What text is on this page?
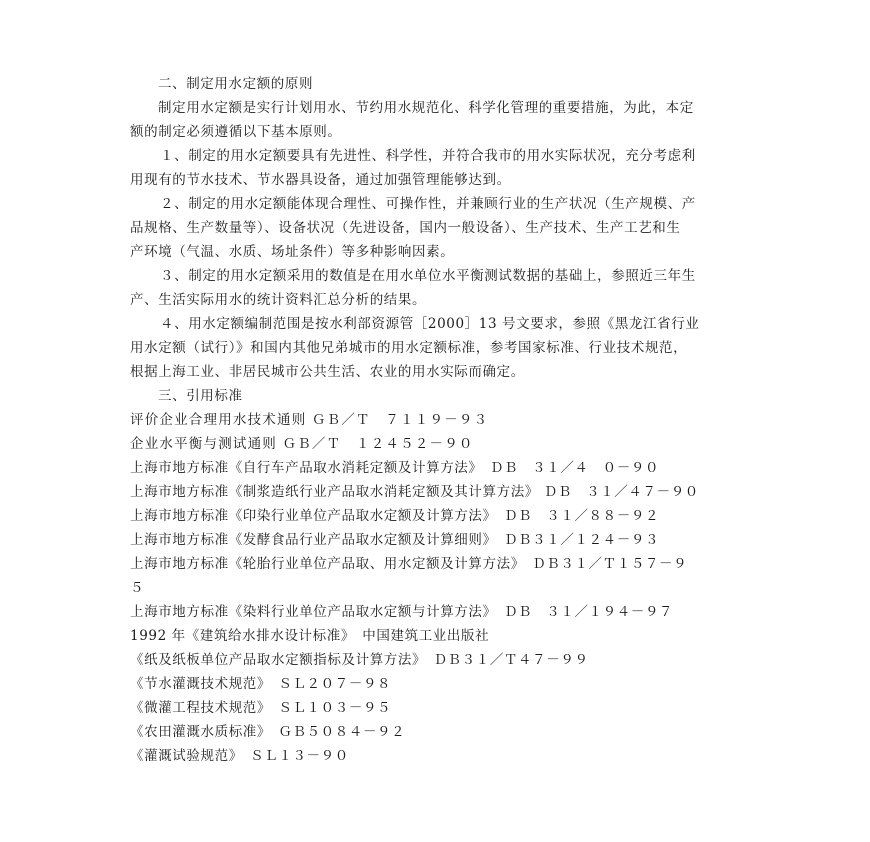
二、制定用水定额的原则
制定用水定额是实行计划用水、节约用水规范化、科学化管理的重要措施，为此，本定
额的制定必须遵循以下基本原则。
１、制定的用水定额要具有先进性、科学性，并符合我市的用水实际状况，充分考虑利
用现有的节水技术、节水器具设备，通过加强管理能够达到。
２、制定的用水定额能体现合理性、可操作性，并兼顾行业的生产状况（生产规模、产
品规格、生产数量等）、设备状况（先进设备，国内一般设备）、生产技术、生产工艺和生
产环境（气温、水质、场址条件）等多种影响因素。
３、制定的用水定额采用的数值是在用水单位水平衡测试数据的基础上，参照近三年生
产、生活实际用水的统计资料汇总分析的结果。
４、用水定额编制范围是按水利部资源管［2000］13 号文要求，参照《黑龙江省行业
用水定额（试行）》和国内其他兄弟城市的用水定额标准，参考国家标准、行业技术规范，
根据上海工业、非居民城市公共生活、农业的用水实际而确定。
三、引用标准
评价企业合理用水技术通则 ＧＢ／Ｔ　７１１９－９３
企业水平衡与测试通则 ＧＢ／Ｔ　１２４５２－９０
上海市地方标准《自行车产品取水消耗定额及计算方法》　ＤＢ　３１／４　０－９０
上海市地方标准《制浆造纸行业产品取水消耗定额及其计算方法》 ＤＢ　３１／４７－９０
上海市地方标准《印染行业单位产品取水定额及计算方法》　ＤＢ　３１／８８－９２
上海市地方标准《发酵食品行业产品取水定额及计算细则》　ＤＢ３１／１２４－９３
上海市地方标准《轮胎行业单位产品取、用水定额及计算方法》　ＤＢ３１／Ｔ１５７－９
５
上海市地方标准《染料行业单位产品取水定额与计算方法》　ＤＢ　３１／１９４－９７
1992 年《建筑给水排水设计标准》　中国建筑工业出版社
《纸及纸板单位产品取水定额指标及计算方法》　ＤＢ３１／Ｔ４７－９９
《节水灌溉技术规范》　ＳＬ２０７－９８
《微灌工程技术规范》　ＳＬ１０３－９５
《农田灌溉水质标准》　ＧＢ５０８４－９２
《灌溉试验规范》　ＳＬ１３－９０
